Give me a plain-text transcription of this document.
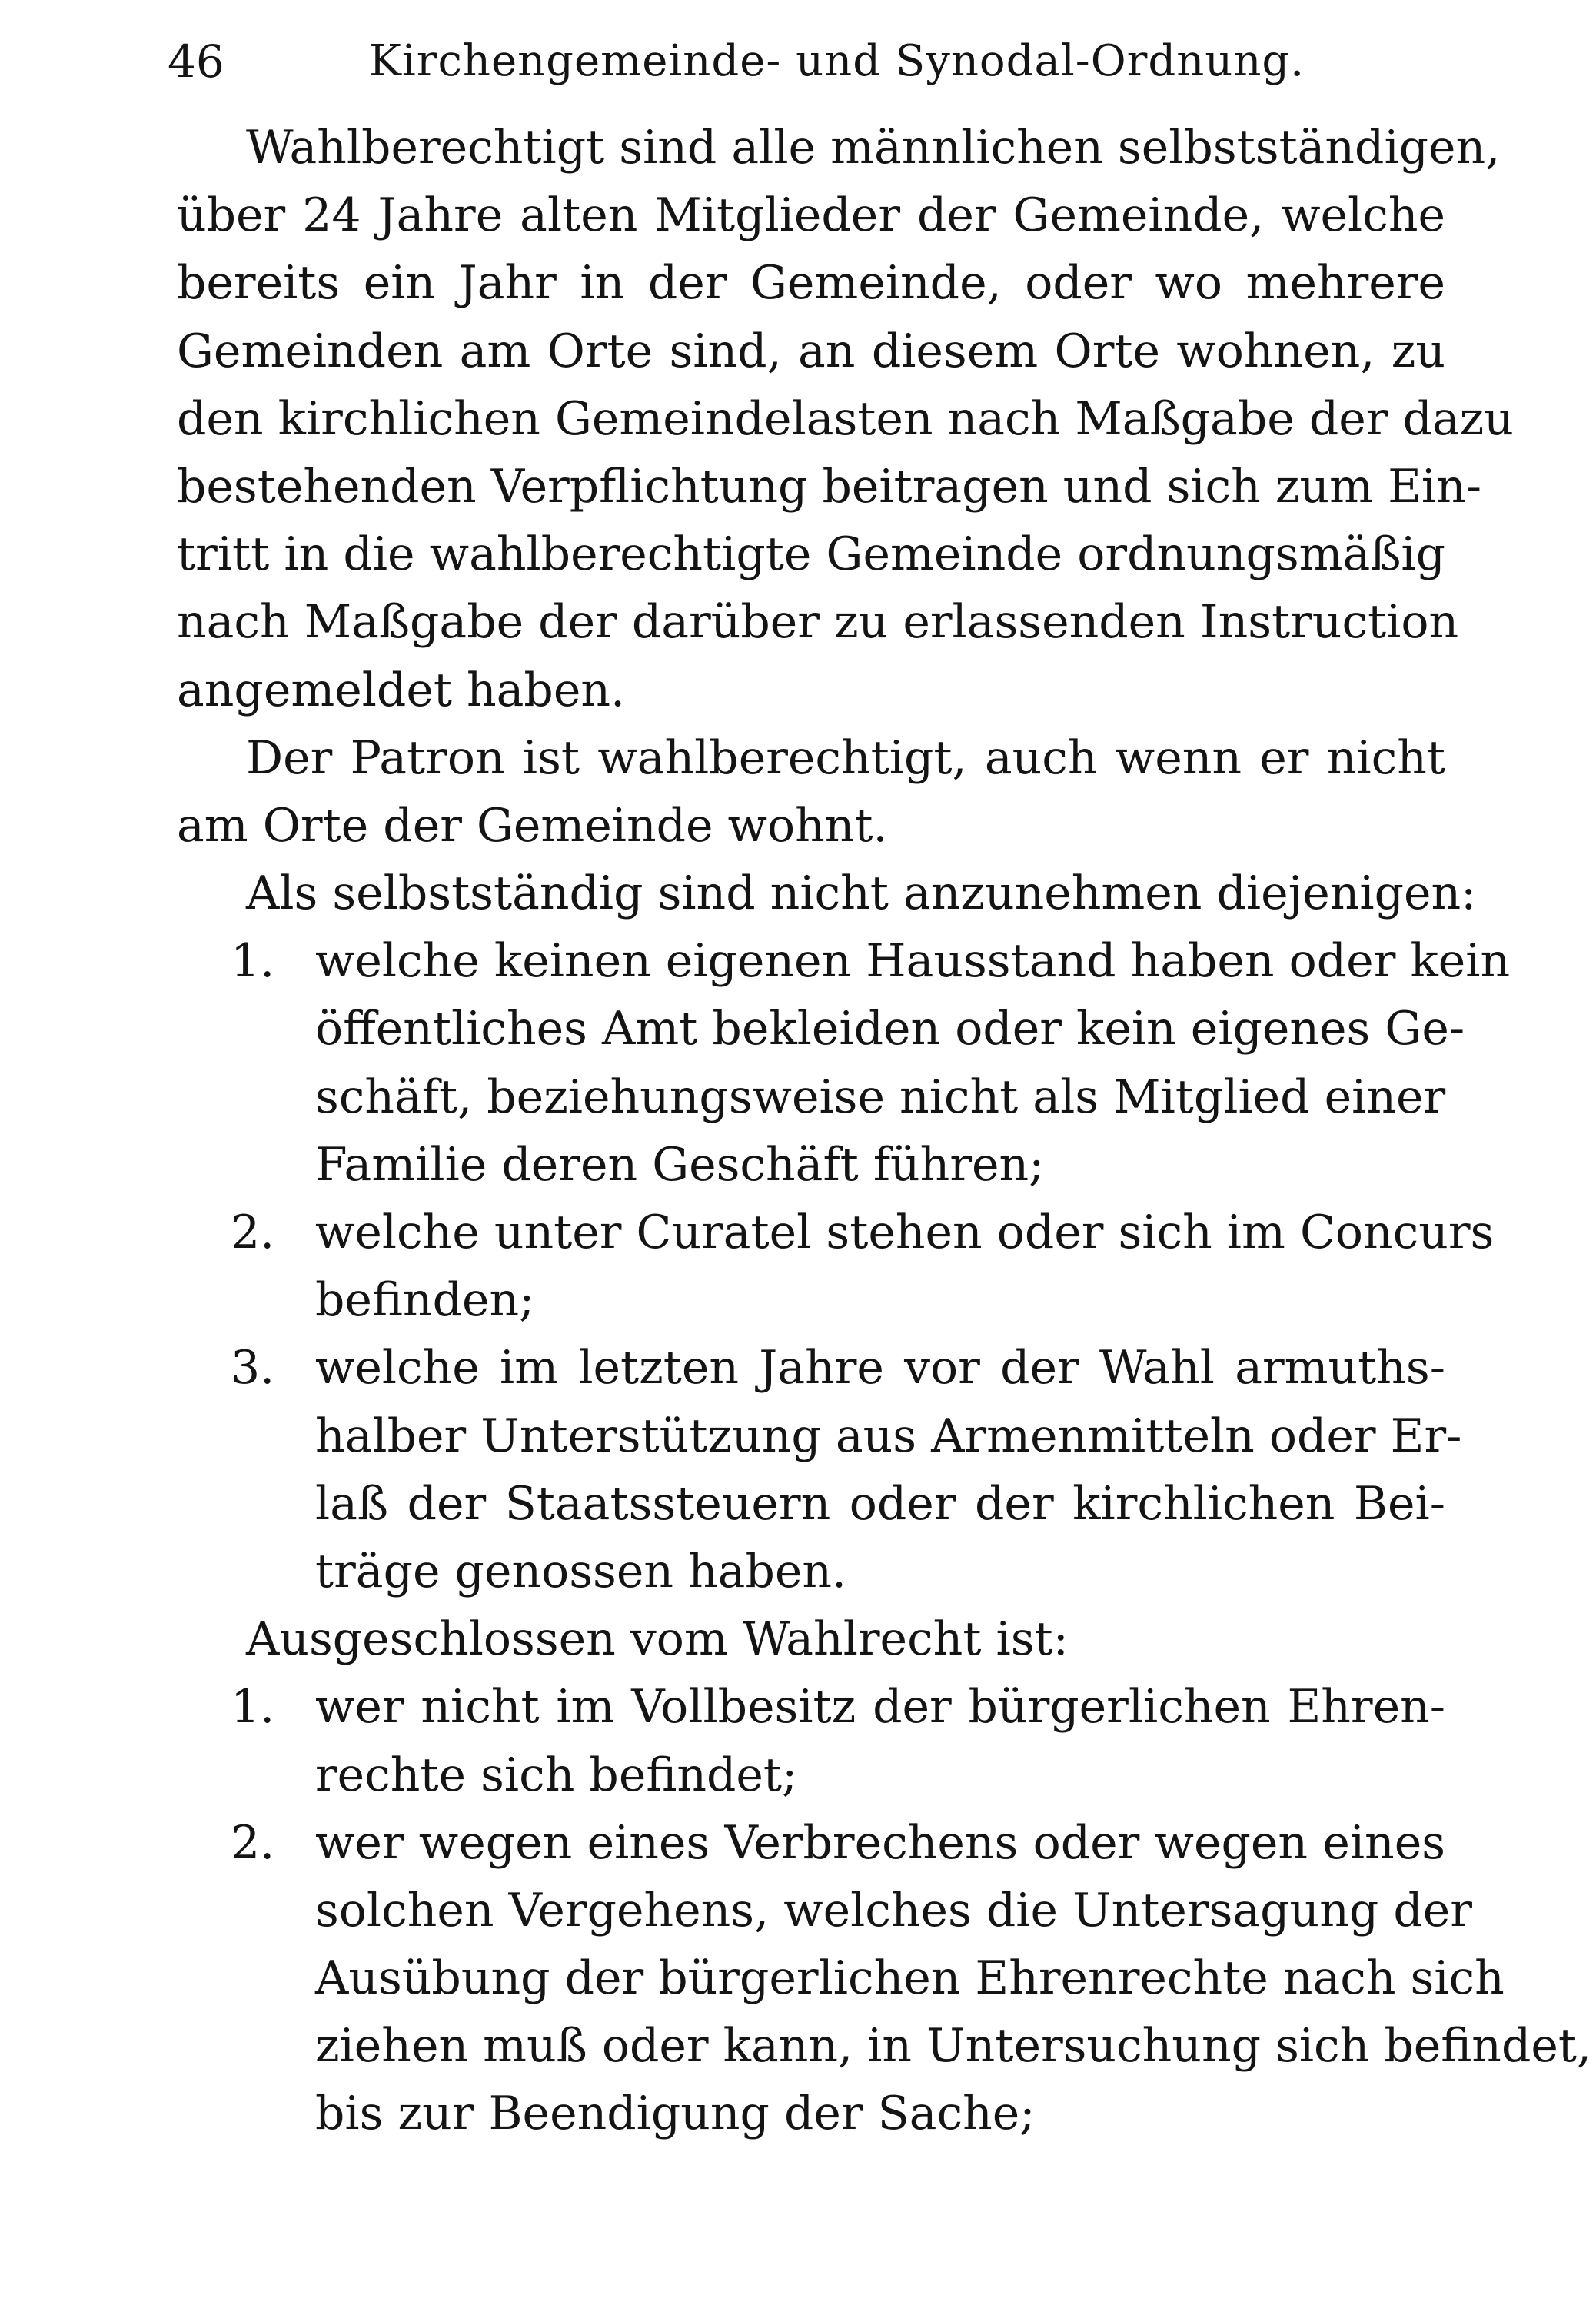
46	Kirchengemeinde- und Synodal-Ordnung.
Wahlberechtigt sind alle männlichen selbstständigen,
über 24 Jahre alten Mitglieder der Gemeinde, welche
bereits ein Jahr in der Gemeinde, oder wo mehrere
Gemeinden am Orte sind, an diesem Orte wohnen, zu
den kirchlichen Gemeindelasten nach Maßgabe der dazu
bestehenden Verpflichtung beitragen und sich zum Ein-
tritt in die wahlberechtigte Gemeinde ordnungsmäßig
nach Maßgabe der darüber zu erlassenden Instruction
angemeldet haben.
Der Patron ist wahlberechtigt, auch wenn er nicht
am Orte der Gemeinde wohnt.
Als selbstständig sind nicht anzunehmen diejenigen:
1. welche keinen eigenen Hausstand haben oder kein
öffentliches Amt bekleiden oder kein eigenes Ge-
schäft, beziehungsweise nicht als Mitglied einer
Familie deren Geschäft führen;
2. welche unter Curatel stehen oder sich im Concurs
befinden;
3. welche im letzten Jahre vor der Wahl armuths-
halber Unterstützung aus Armenmitteln oder Er-
laß der Staatssteuern oder der kirchlichen Bei-
träge genossen haben.
Ausgeschlossen vom Wahlrecht ist:
1. wer nicht im Vollbesitz der bürgerlichen Ehren-
rechte sich befindet;
2. wer wegen eines Verbrechens oder wegen eines
solchen Vergehens, welches die Untersagung der
Ausübung der bürgerlichen Ehrenrechte nach sich
ziehen muß oder kann, in Untersuchung sich befindet,
bis zur Beendigung der Sache;
